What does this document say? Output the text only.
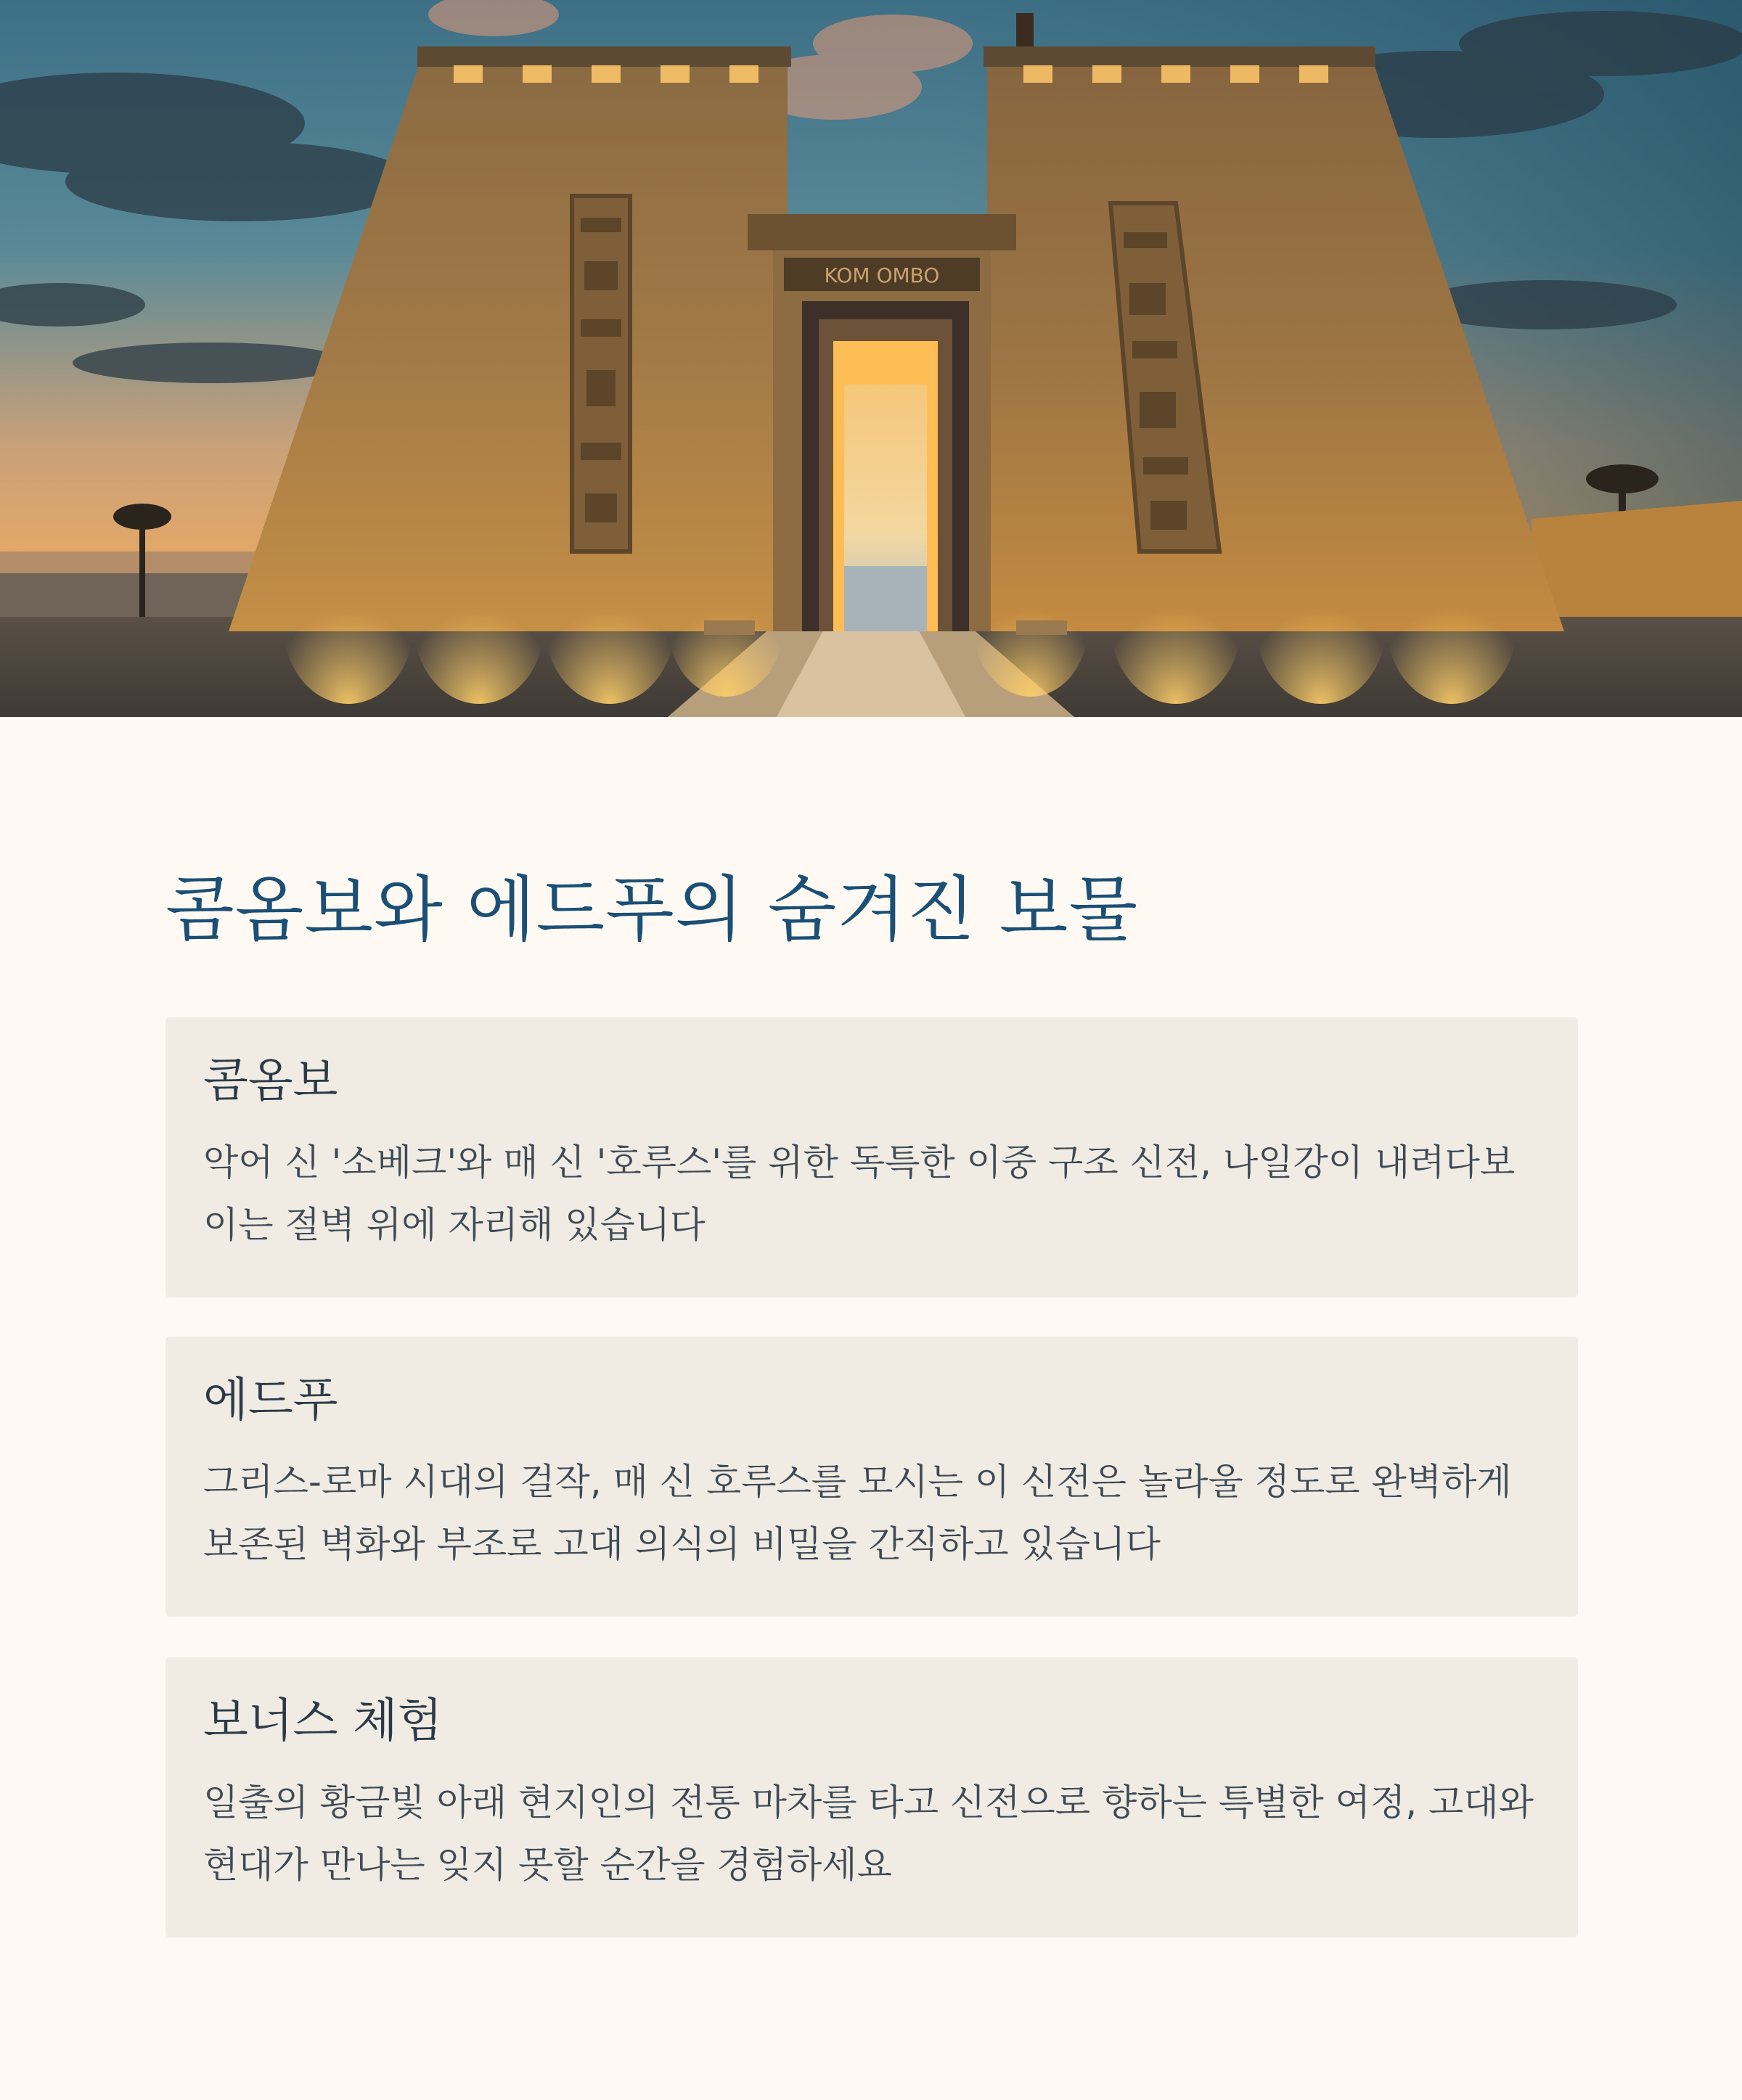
KOM OMBO
콤옴보와 에드푸의 숨겨진 보물
콤옴보

악어 신 '소베크'와 매 신 '호루스'를 위한 독특한 이중 구조 신전, 나일강이 내려다보이는 절벽 위에 자리해 있습니다

에드푸

그리스-로마 시대의 걸작, 매 신 호루스를 모시는 이 신전은 놀라울 정도로 완벽하게 보존된 벽화와 부조로 고대 의식의 비밀을 간직하고 있습니다

보너스 체험

일출의 황금빛 아래 현지인의 전통 마차를 타고 신전으로 향하는 특별한 여정, 고대와 현대가 만나는 잊지 못할 순간을 경험하세요
